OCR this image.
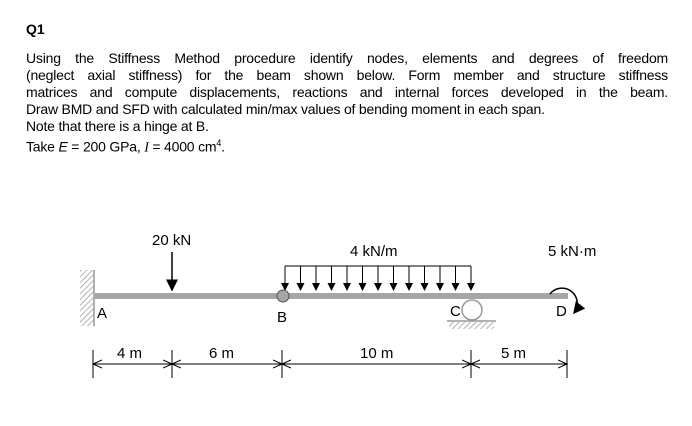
Q1
Using the Stiffness Method procedure identify nodes, elements and degrees of freedom
(neglect axial stiffness) for the beam shown below. Form member and structure stiffness
matrices and compute displacements, reactions and internal forces developed in the beam.
Draw BMD and SFD with calculated min/max values of bending moment in each span.
Note that there is a hinge at B.
Take E = 200 GPa, I = 4000 $cm^4$.
20 kN
4 kN/m	5 kN·m
A	B	C	D
4 m	6 m	10 m	5 m
